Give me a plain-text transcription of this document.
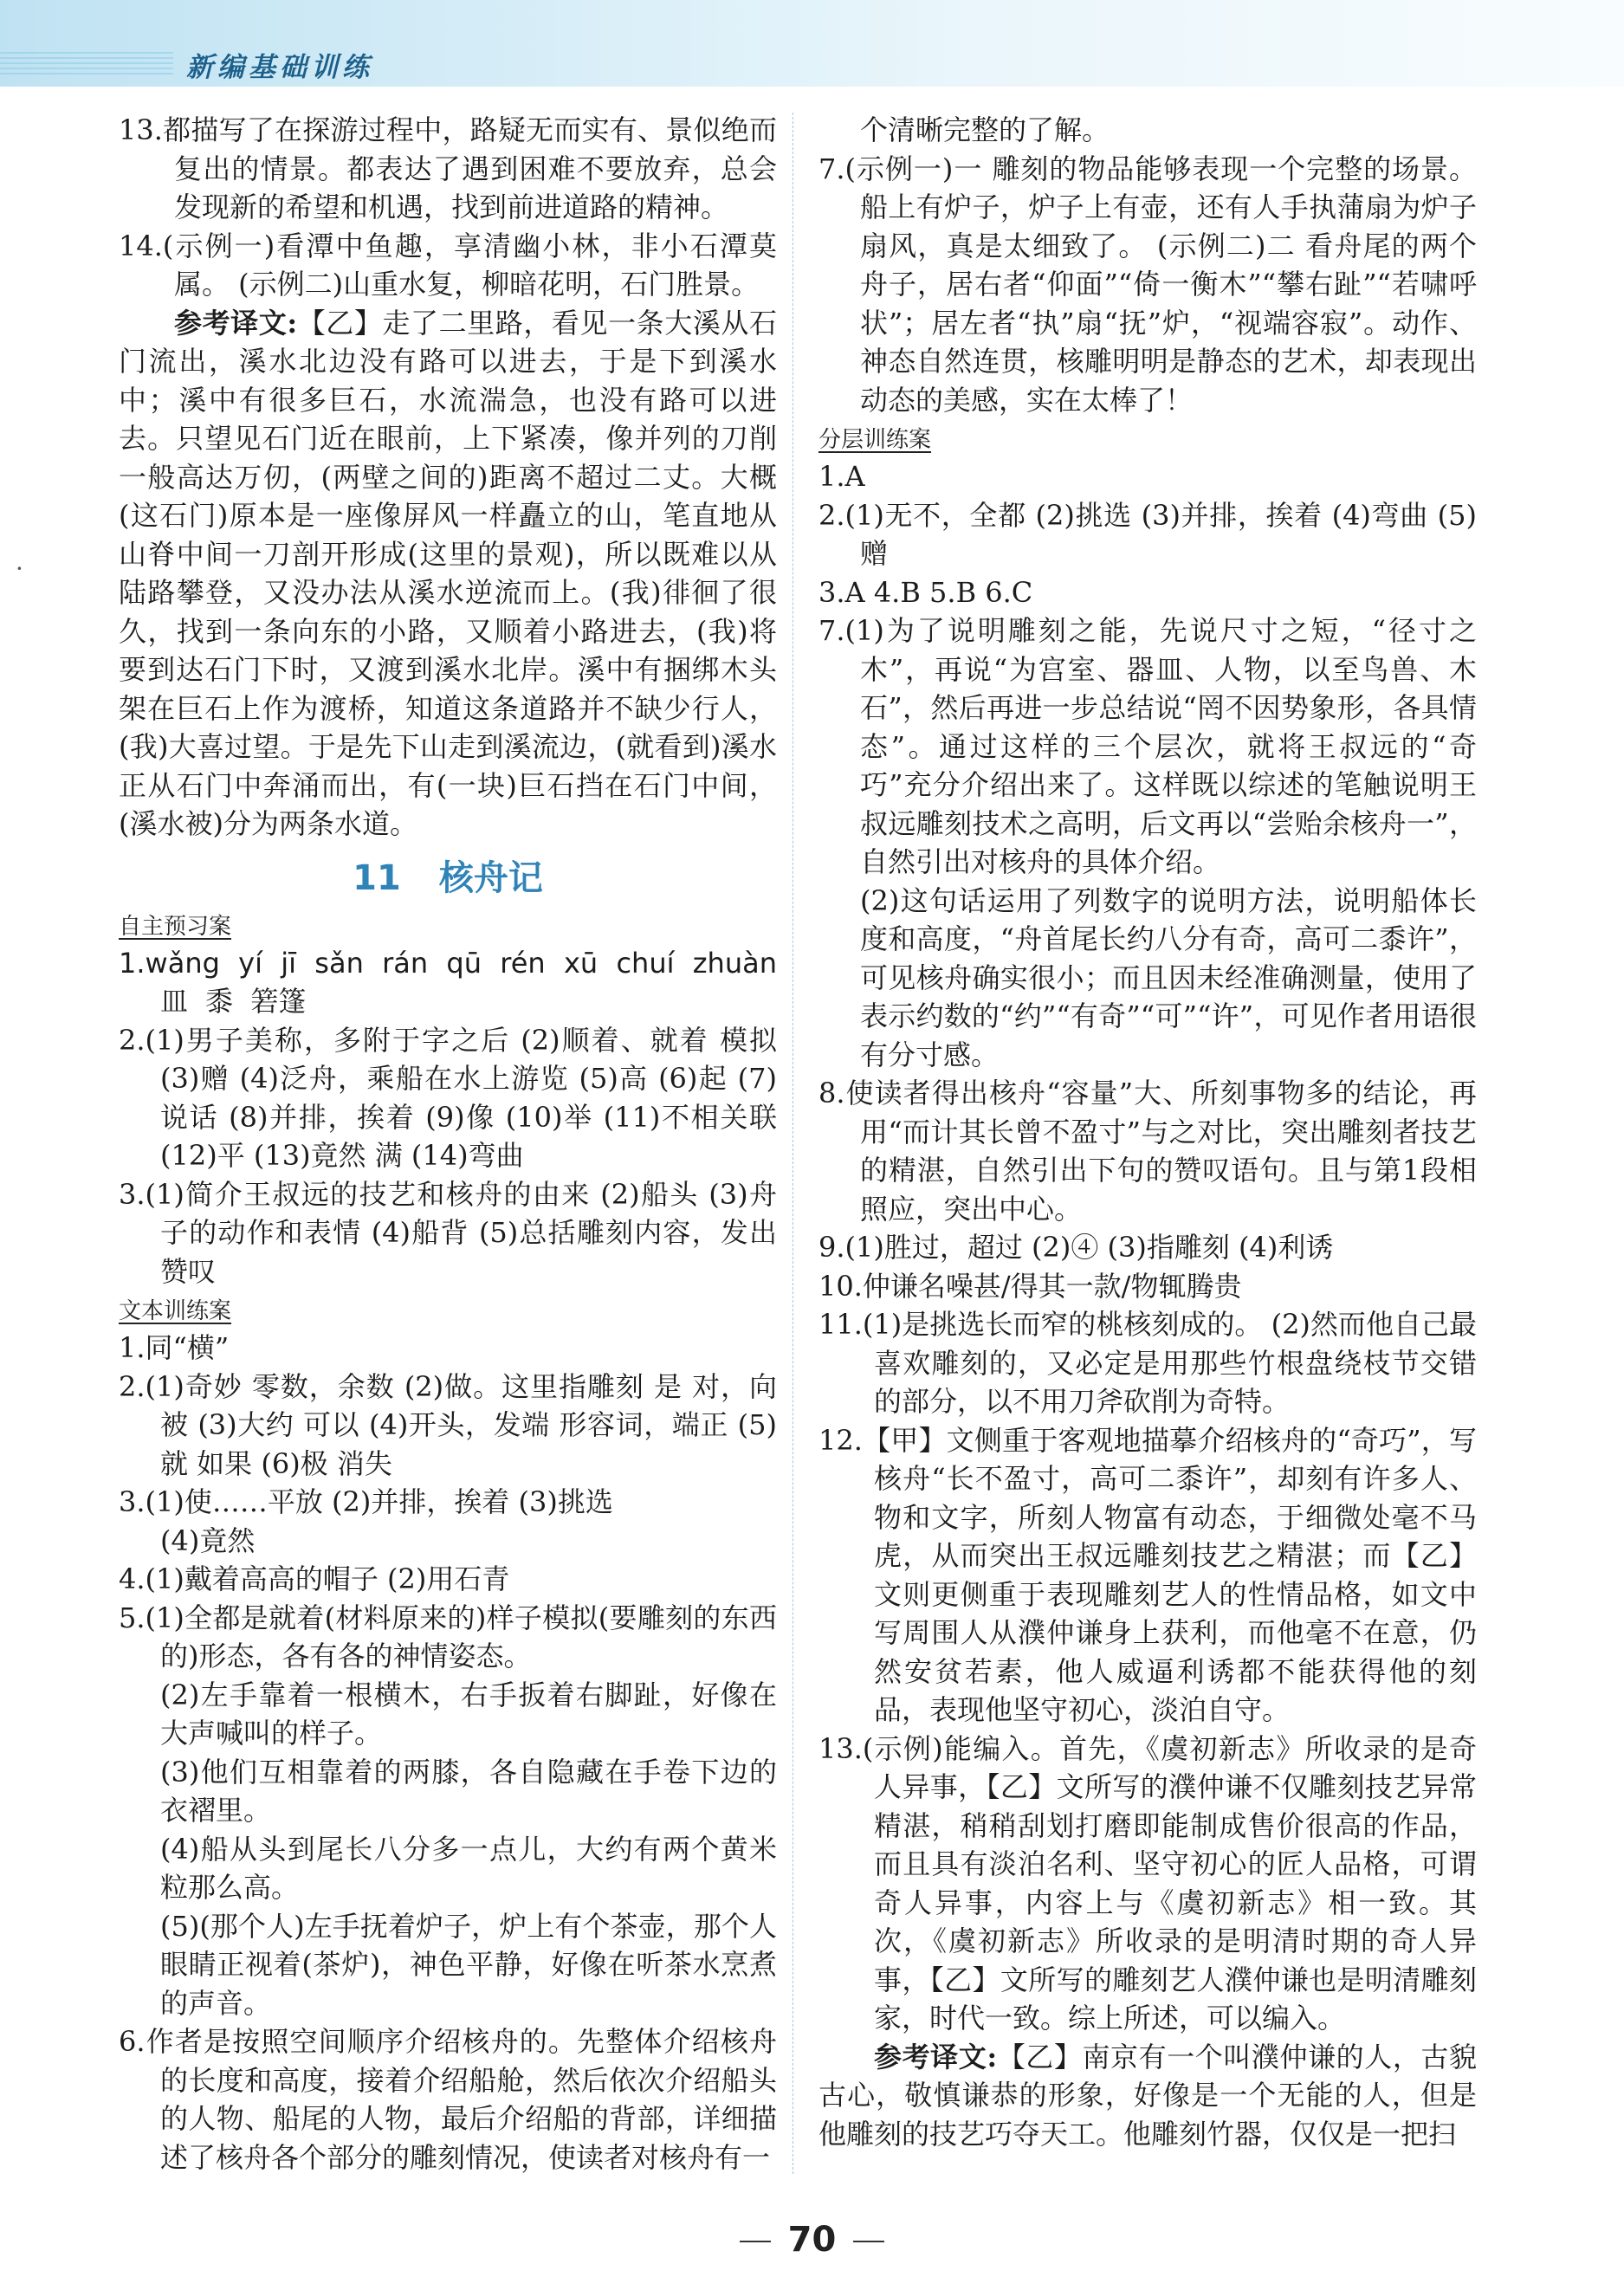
新编基础训练
·

13.都描写了在探游过程中，路疑无而实有、景似绝而复出的情景。都表达了遇到困难不要放弃，总会发现新的希望和机遇，找到前进道路的精神。

14.(示例一)看潭中鱼趣，享清幽小林，非小石潭莫属。 (示例二)山重水复，柳暗花明，石门胜景。

参考译文:【乙】走了二里路，看见一条大溪从石门流出，溪水北边没有路可以进去，于是下到溪水中；溪中有很多巨石，水流湍急，也没有路可以进去。只望见石门近在眼前，上下紧凑，像并列的刀削一般高达万仞，(两壁之间的)距离不超过二丈。大概(这石门)原本是一座像屏风一样矗立的山，笔直地从山脊中间一刀剖开形成(这里的景观)，所以既难以从陆路攀登，又没办法从溪水逆流而上。(我)徘徊了很久，找到一条向东的小路，又顺着小路进去，(我)将要到达石门下时，又渡到溪水北岸。溪中有捆绑木头架在巨石上作为渡桥，知道这条道路并不缺少行人，(我)大喜过望。于是先下山走到溪流边，(就看到)溪水正从石门中奔涌而出，有(一块)巨石挡在石门中间，(溪水被)分为两条水道。

11 核舟记
自主预习案

1.wǎng yí jī sǎn rán qū rén xū chuí zhuàn 皿 黍 箬篷

2.(1)男子美称，多附于字之后 (2)顺着、就着 模拟 (3)赠 (4)泛舟，乘船在水上游览 (5)高 (6)起 (7)说话 (8)并排，挨着 (9)像 (10)举 (11)不相关联 (12)平 (13)竟然 满 (14)弯曲

3.(1)简介王叔远的技艺和核舟的由来 (2)船头 (3)舟子的动作和表情 (4)船背 (5)总括雕刻内容，发出赞叹

文本训练案

1.同“横”

2.(1)奇妙 零数，余数 (2)做。这里指雕刻 是 对，向 被 (3)大约 可以 (4)开头，发端 形容词，端正 (5)就 如果 (6)极 消失

3.(1)使……平放 (2)并排，挨着 (3)挑选

(4)竟然

4.(1)戴着高高的帽子 (2)用石青

5.(1)全都是就着(材料原来的)样子模拟(要雕刻的东西的)形态，各有各的神情姿态。

(2)左手靠着一根横木，右手扳着右脚趾，好像在大声喊叫的样子。

(3)他们互相靠着的两膝，各自隐藏在手卷下边的衣褶里。

(4)船从头到尾长八分多一点儿，大约有两个黄米粒那么高。

(5)(那个人)左手抚着炉子，炉上有个茶壶，那个人眼睛正视着(茶炉)，神色平静，好像在听茶水烹煮的声音。

6.作者是按照空间顺序介绍核舟的。先整体介绍核舟的长度和高度，接着介绍船舱，然后依次介绍船头的人物、船尾的人物，最后介绍船的背部，详细描述了核舟各个部分的雕刻情况，使读者对核舟有一

个清晰完整的了解。

7.(示例一)一 雕刻的物品能够表现一个完整的场景。船上有炉子，炉子上有壶，还有人手执蒲扇为炉子扇风，真是太细致了。 (示例二)二 看舟尾的两个舟子，居右者“仰面”“倚一衡木”“攀右趾”“若啸呼状”；居左者“执”扇“抚”炉，“视端容寂”。动作、神态自然连贯，核雕明明是静态的艺术，却表现出动态的美感，实在太棒了！

分层训练案

1.A

2.(1)无不，全都 (2)挑选 (3)并排，挨着 (4)弯曲 (5)赠

3.A 4.B 5.B 6.C

7.(1)为了说明雕刻之能，先说尺寸之短，“径寸之木”，再说“为宫室、器皿、人物，以至鸟兽、木石”，然后再进一步总结说“罔不因势象形，各具情态”。通过这样的三个层次，就将王叔远的“奇巧”充分介绍出来了。这样既以综述的笔触说明王叔远雕刻技术之高明，后文再以“尝贻余核舟一”，自然引出对核舟的具体介绍。

(2)这句话运用了列数字的说明方法，说明船体长度和高度，“舟首尾长约八分有奇，高可二黍许”，可见核舟确实很小；而且因未经准确测量，使用了表示约数的“约”“有奇”“可”“许”，可见作者用语很有分寸感。

8.使读者得出核舟“容量”大、所刻事物多的结论，再用“而计其长曾不盈寸”与之对比，突出雕刻者技艺的精湛，自然引出下句的赞叹语句。且与第1段相照应，突出中心。

9.(1)胜过，超过 (2)④ (3)指雕刻 (4)利诱

10.仲谦名噪甚/得其一款/物辄腾贵

11.(1)是挑选长而窄的桃核刻成的。 (2)然而他自己最喜欢雕刻的，又必定是用那些竹根盘绕枝节交错的部分，以不用刀斧砍削为奇特。

12.【甲】文侧重于客观地描摹介绍核舟的“奇巧”，写核舟“长不盈寸，高可二黍许”，却刻有许多人、物和文字，所刻人物富有动态，于细微处毫不马虎，从而突出王叔远雕刻技艺之精湛；而【乙】文则更侧重于表现雕刻艺人的性情品格，如文中写周围人从濮仲谦身上获利，而他毫不在意，仍然安贫若素，他人威逼利诱都不能获得他的刻品，表现他坚守初心，淡泊自守。

13.(示例)能编入。首先，《虞初新志》所收录的是奇人异事，【乙】文所写的濮仲谦不仅雕刻技艺异常精湛，稍稍刮划打磨即能制成售价很高的作品，而且具有淡泊名利、坚守初心的匠人品格，可谓奇人异事，内容上与《虞初新志》相一致。其次，《虞初新志》所收录的是明清时期的奇人异事，【乙】文所写的雕刻艺人濮仲谦也是明清雕刻家，时代一致。综上所述，可以编入。

参考译文:【乙】南京有一个叫濮仲谦的人，古貌古心，敬慎谦恭的形象，好像是一个无能的人，但是他雕刻的技艺巧夺天工。他雕刻竹器，仅仅是一把扫

70
